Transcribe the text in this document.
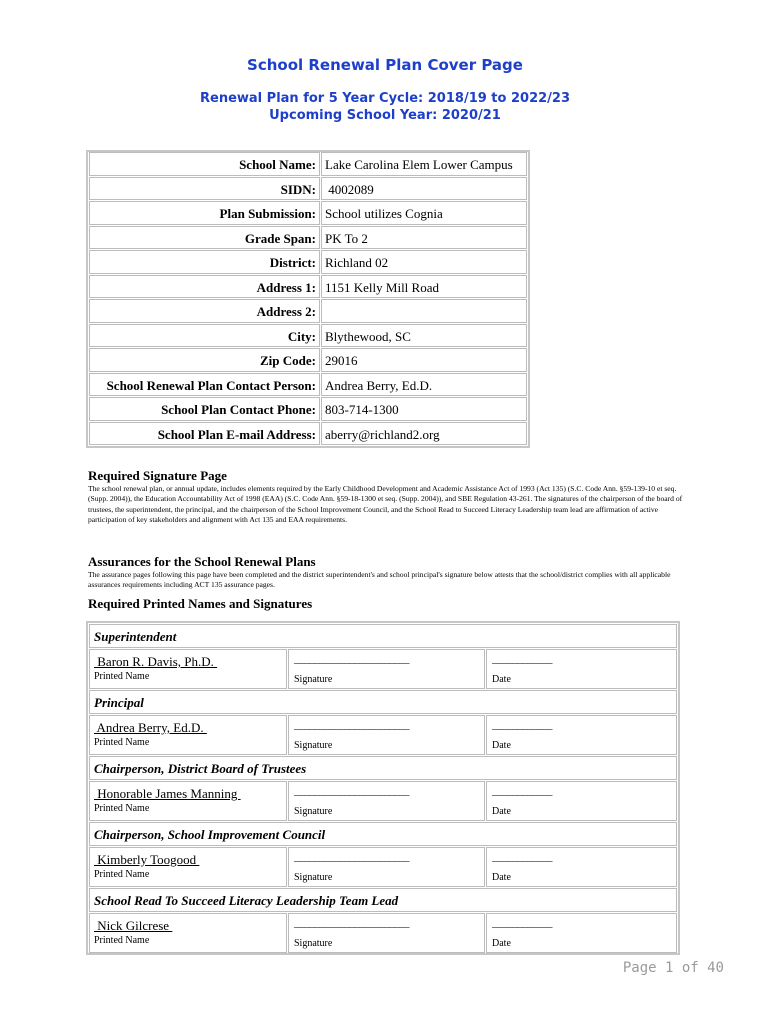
School Renewal Plan Cover Page
Renewal Plan for 5 Year Cycle: 2018/19 to 2022/23
Upcoming School Year: 2020/21
School Name: Lake Carolina Elem Lower Campus
SIDN: 4002089
Plan Submission: School utilizes Cognia
Grade Span: PK To 2
District: Richland 02
Address 1: 1151 Kelly Mill Road
Address 2:
City: Blythewood, SC
Zip Code: 29016
School Renewal Plan Contact Person: Andrea Berry, Ed.D.
School Plan Contact Phone: 803-714-1300
School Plan E-mail Address: aberry@richland2.org
Required Signature Page
The school renewal plan, or annual update, includes elements required by the Early Childhood Development and Academic Assistance Act of 1993 (Act 135) (S.C. Code Ann. §59-139-10 et seq. (Supp. 2004)), the Education Accountability Act of 1998 (EAA) (S.C. Code Ann. §59-18-1300 et seq. (Supp. 2004)), and SBE Regulation 43-261. The signatures of the chairperson of the board of trustees, the superintendent, the principal, and the chairperson of the School Improvement Council, and the School Read to Succeed Literacy Leadership team lead are affirmation of active participation of key stakeholders and alignment with Act 135 and EAA requirements.
Assurances for the School Renewal Plans
The assurance pages following this page have been completed and the district superintendent's and school principal's signature below attests that the school/district complies with all applicable assurances requirements including ACT 135 assurance pages.
Required Printed Names and Signatures
Superintendent
Baron R. Davis, Ph.D.
Printed Name
_______________________
Signature
____________
Date
Principal
Andrea Berry, Ed.D.
Printed Name
_______________________
Signature
____________
Date
Chairperson, District Board of Trustees
Honorable James Manning
Printed Name
_______________________
Signature
____________
Date
Chairperson, School Improvement Council
Kimberly Toogood
Printed Name
_______________________
Signature
____________
Date
School Read To Succeed Literacy Leadership Team Lead
Nick Gilcrese
Printed Name
_______________________
Signature
____________
Date
Page 1 of 40
